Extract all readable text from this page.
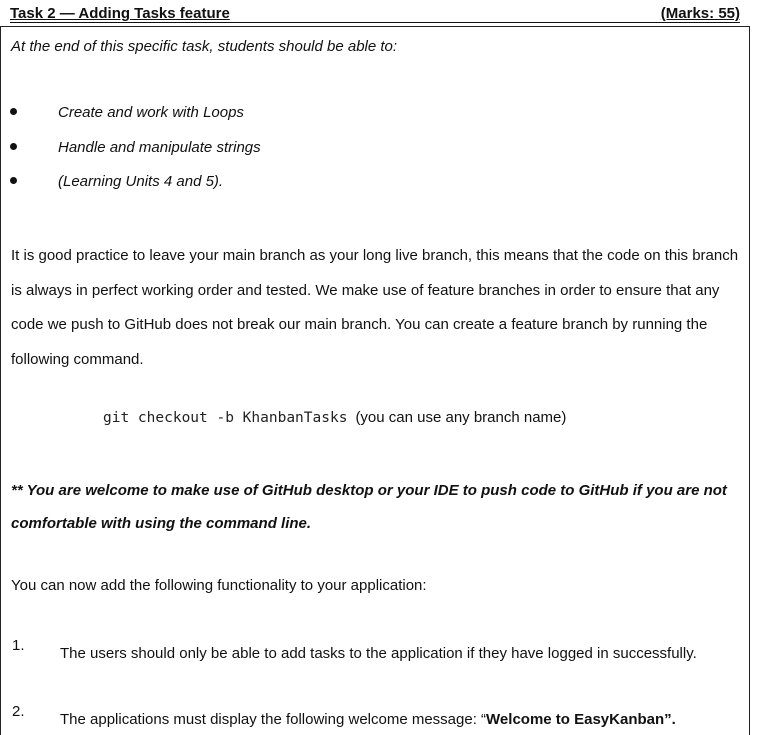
Task 2 — Adding Tasks feature	(Marks: 55)
At the end of this specific task, students should be able to:
Create and work with Loops
Handle and manipulate strings
(Learning Units 4 and 5).
It is good practice to leave your main branch as your long live branch, this means that the code on this branch is always in perfect working order and tested. We make use of feature branches in order to ensure that any code we push to GitHub does not break our main branch. You can create a feature branch by running the following command.
git checkout -b KhanbanTasks (you can use any branch name)
** You are welcome to make use of GitHub desktop or your IDE to push code to GitHub if you are not comfortable with using the command line.
You can now add the following functionality to your application:
1. The users should only be able to add tasks to the application if they have logged in successfully.
2. The applications must display the following welcome message: “Welcome to EasyKanban”.
